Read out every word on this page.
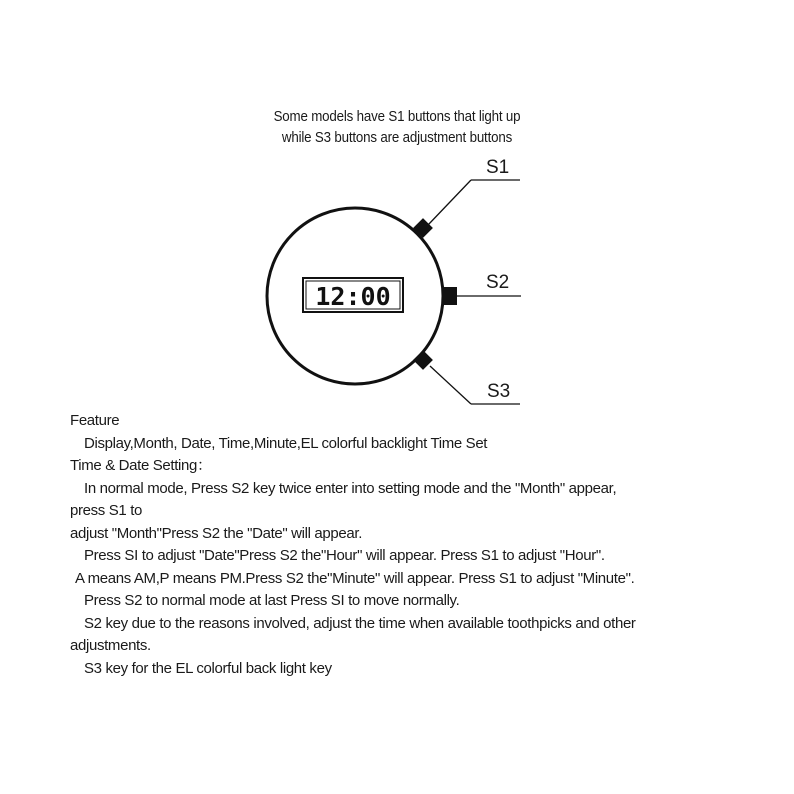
Some models have S1 buttons that light up
while S3 buttons are adjustment buttons
12:00
S1
S2
S3
Feature
Display,Month, Date, Time,Minute,EL colorful backlight Time Set
Time & Date Setting：
In normal mode, Press S2 key twice enter into setting mode and the "Month" appear,
press S1 to
adjust "Month"Press S2 the "Date" will appear.
Press SI to adjust "Date"Press S2 the"Hour" will appear. Press S1 to adjust "Hour".
A means AM,P means PM.Press S2 the"Minute" will appear. Press S1 to adjust "Minute".
Press S2 to normal mode at last Press SI to move normally.
S2 key due to the reasons involved, adjust the time when available toothpicks and other
adjustments.
S3 key for the EL colorful back light key
